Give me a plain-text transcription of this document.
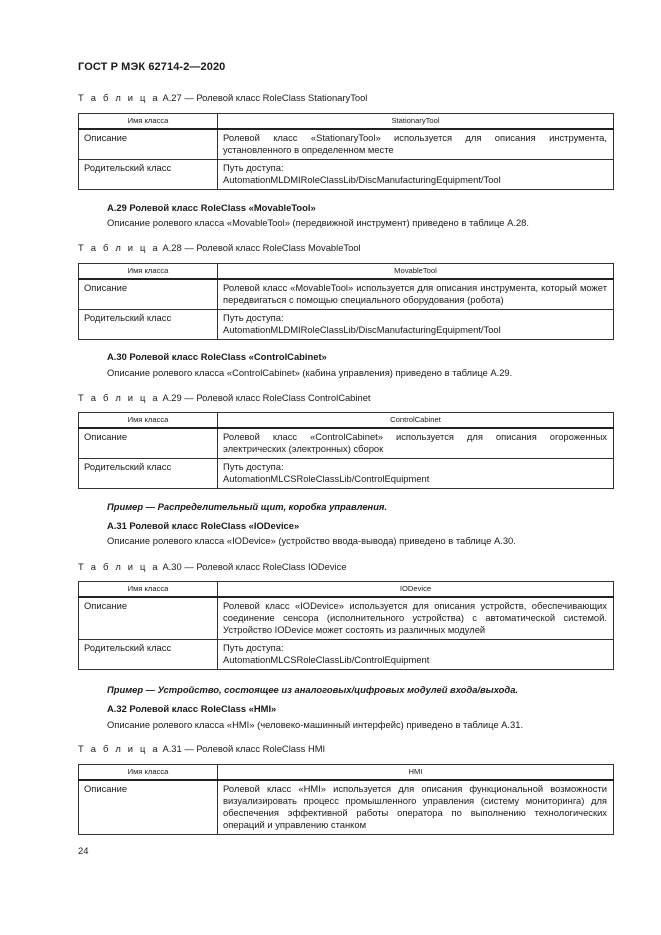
ГОСТ Р МЭК 62714-2—2020
Т а б л и ц а А.27 — Ролевой класс RoleClass StationaryTool
Имя класса	StationaryTool
Описание	Ролевой класс «StationaryTool» используется для описания инструмента, установленного в определенном месте
Родительский класс	Путь доступа:
AutomationMLDMIRoleClassLib/DiscManufacturingEquipment/Tool
А.29 Ролевой класс RoleClass «MovableTool»
Описание ролевого класса «MovableTool» (передвижной инструмент) приведено в таблице А.28.
Т а б л и ц а А.28 — Ролевой класс RoleClass MovableTool
Имя класса	MovableTool
Описание	Ролевой класс «MovableTool» используется для описания инструмента, который может передвигаться с помощью специального оборудования (робота)
Родительский класс	Путь доступа:
AutomationMLDMIRoleClassLib/DiscManufacturingEquipment/Tool
А.30 Ролевой класс RoleClass «ControlCabinet»
Описание ролевого класса «ControlCabinet» (кабина управления) приведено в таблице А.29.
Т а б л и ц а А.29 — Ролевой класс RoleClass ControlCabinet
Имя класса	ControlCabinet
Описание	Ролевой класс «ControlCabinet» используется для описания огороженных электрических (электронных) сборок
Родительский класс	Путь доступа:
AutomationMLCSRoleClassLib/ControlEquipment
Пример — Распределительный щит, коробка управления.
А.31 Ролевой класс RoleClass «IODevice»
Описание ролевого класса «IODevice» (устройство ввода-вывода) приведено в таблице А.30.
Т а б л и ц а А.30 — Ролевой класс RoleClass IODevice
Имя класса	IODevice
Описание	Ролевой класс «IODevice» используется для описания устройств, обеспечивающих соединение сенсора (исполнительного устройства) с автоматической системой. Устройство IODevice может состоять из различных модулей
Родительский класс	Путь доступа:
AutomationMLCSRoleClassLib/ControlEquipment
Пример — Устройство, состоящее из аналоговых/цифровых модулей входа/выхода.
А.32 Ролевой класс RoleClass «HMI»
Описание ролевого класса «HMI» (человеко-машинный интерфейс) приведено в таблице А.31.
Т а б л и ц а А.31 — Ролевой класс RoleClass HMI
Имя класса	HMI
Описание	Ролевой класс «HMI» используется для описания функциональной возможности визуализировать процесс промышленного управления (систему мониторинга) для обеспечения эффективной работы оператора по выполнению технологических операций и управлению станком
24
